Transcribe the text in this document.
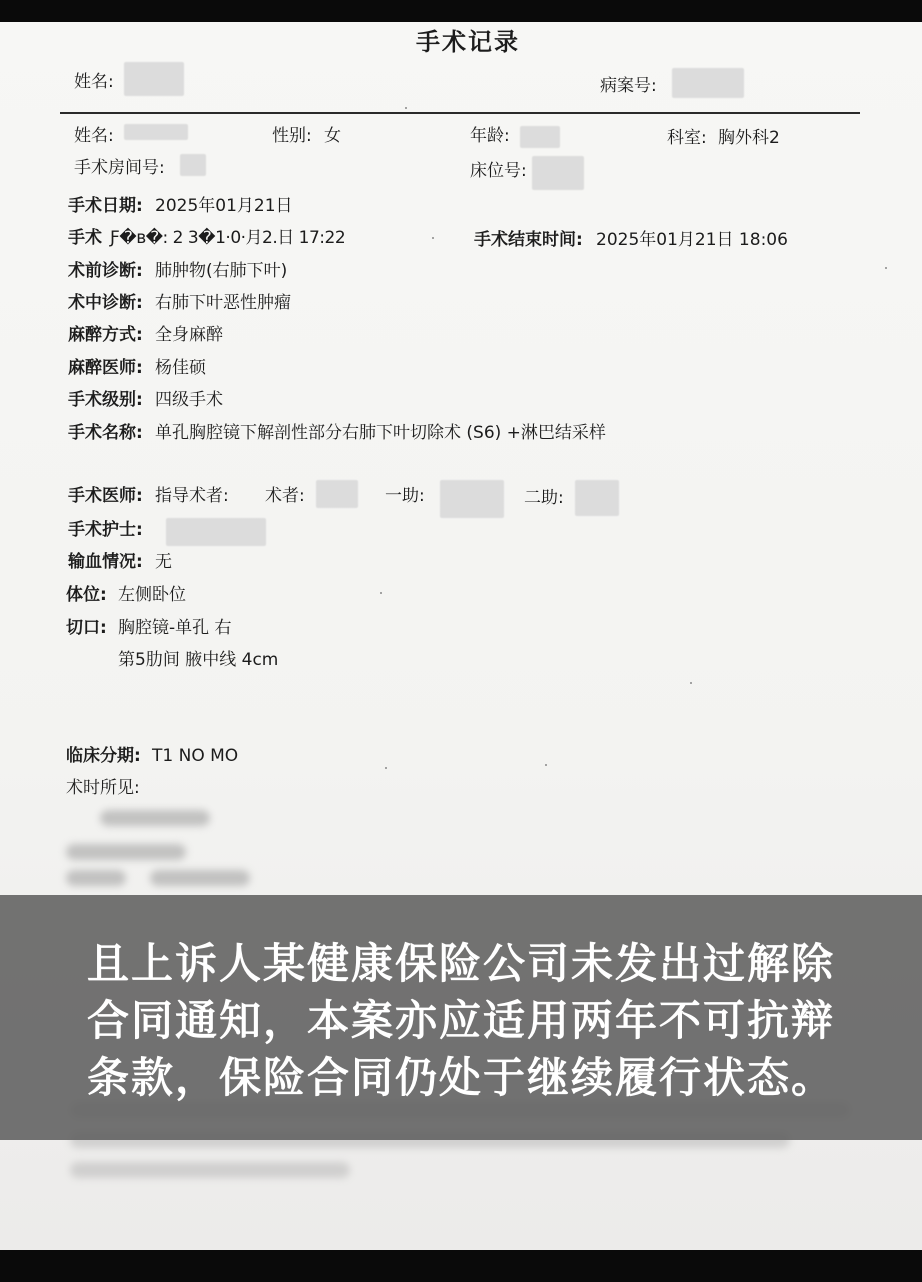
手术记录
姓名:	病案号:
姓名:	性别: 女	年龄:	科室: 胸外科2
手术房间号:	床位号:
手术日期: 2025年01月21日
手术 Ƒ�ʙ�: 2 3�1·0·月2.日 17:22	手术结束时间: 2025年01月21日 18:06
术前诊断: 肺肿物(右肺下叶)
术中诊断: 右肺下叶恶性肿瘤
麻醉方式: 全身麻醉
麻醉医师: 杨佳硕
手术级别: 四级手术
手术名称: 单孔胸腔镜下解剖性部分右肺下叶切除术 (S6) +淋巴结采样
手术医师: 指导术者: 术者:	一助:	二助:
手术护士:
输血情况: 无
体位: 左侧卧位
切口: 胸腔镜-单孔 右
第5肋间 腋中线 4cm
临床分期: T1 NO MO
术时所见:
且上诉人某健康保险公司未发出过解除
合同通知，本案亦应适用两年不可抗辩
条款，保险合同仍处于继续履行状态。
